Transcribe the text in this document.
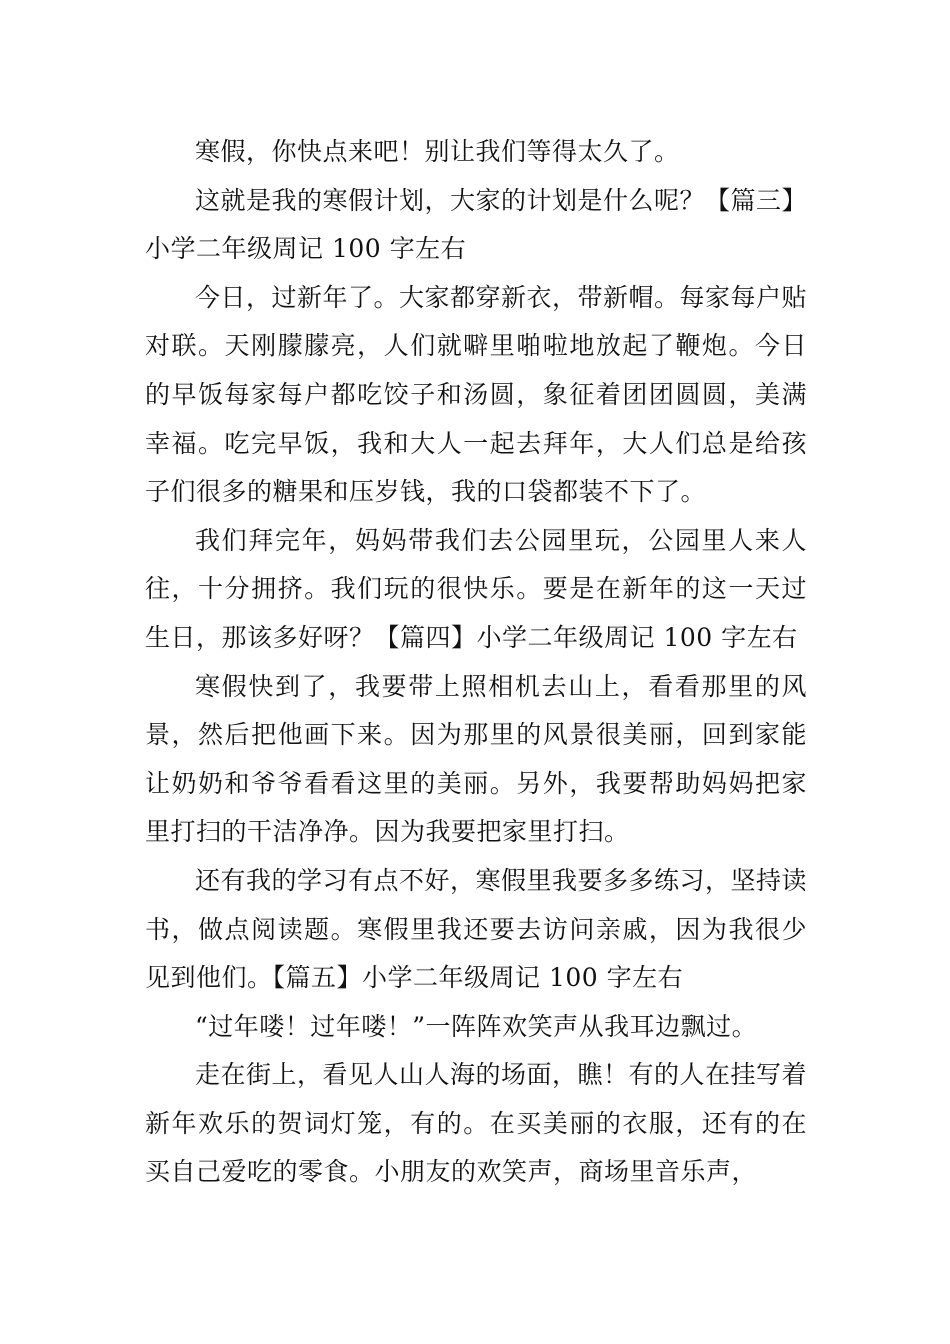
寒假，你快点来吧！别让我们等得太久了。

这就是我的寒假计划，大家的计划是什么呢？【篇三】小学二年级周记 100 字左右

今日，过新年了。大家都穿新衣，带新帽。每家每户贴对联。天刚朦朦亮，人们就噼里啪啦地放起了鞭炮。今日的早饭每家每户都吃饺子和汤圆，象征着团团圆圆，美满幸福。吃完早饭，我和大人一起去拜年，大人们总是给孩子们很多的糖果和压岁钱，我的口袋都装不下了。

我们拜完年，妈妈带我们去公园里玩，公园里人来人往，十分拥挤。我们玩的很快乐。要是在新年的这一天过生日，那该多好呀？【篇四】小学二年级周记 100 字左右

寒假快到了，我要带上照相机去山上，看看那里的风景，然后把他画下来。因为那里的风景很美丽，回到家能让奶奶和爷爷看看这里的美丽。另外，我要帮助妈妈把家里打扫的干洁净净。因为我要把家里打扫。

还有我的学习有点不好，寒假里我要多多练习，坚持读书，做点阅读题。寒假里我还要去访问亲戚，因为我很少见到他们。【篇五】小学二年级周记 100 字左右

“过年喽！过年喽！”一阵阵欢笑声从我耳边飘过。

走在街上，看见人山人海的场面，瞧！有的人在挂写着新年欢乐的贺词灯笼，有的。在买美丽的衣服，还有的在买自己爱吃的零食。小朋友的欢笑声，商场里音乐声，
